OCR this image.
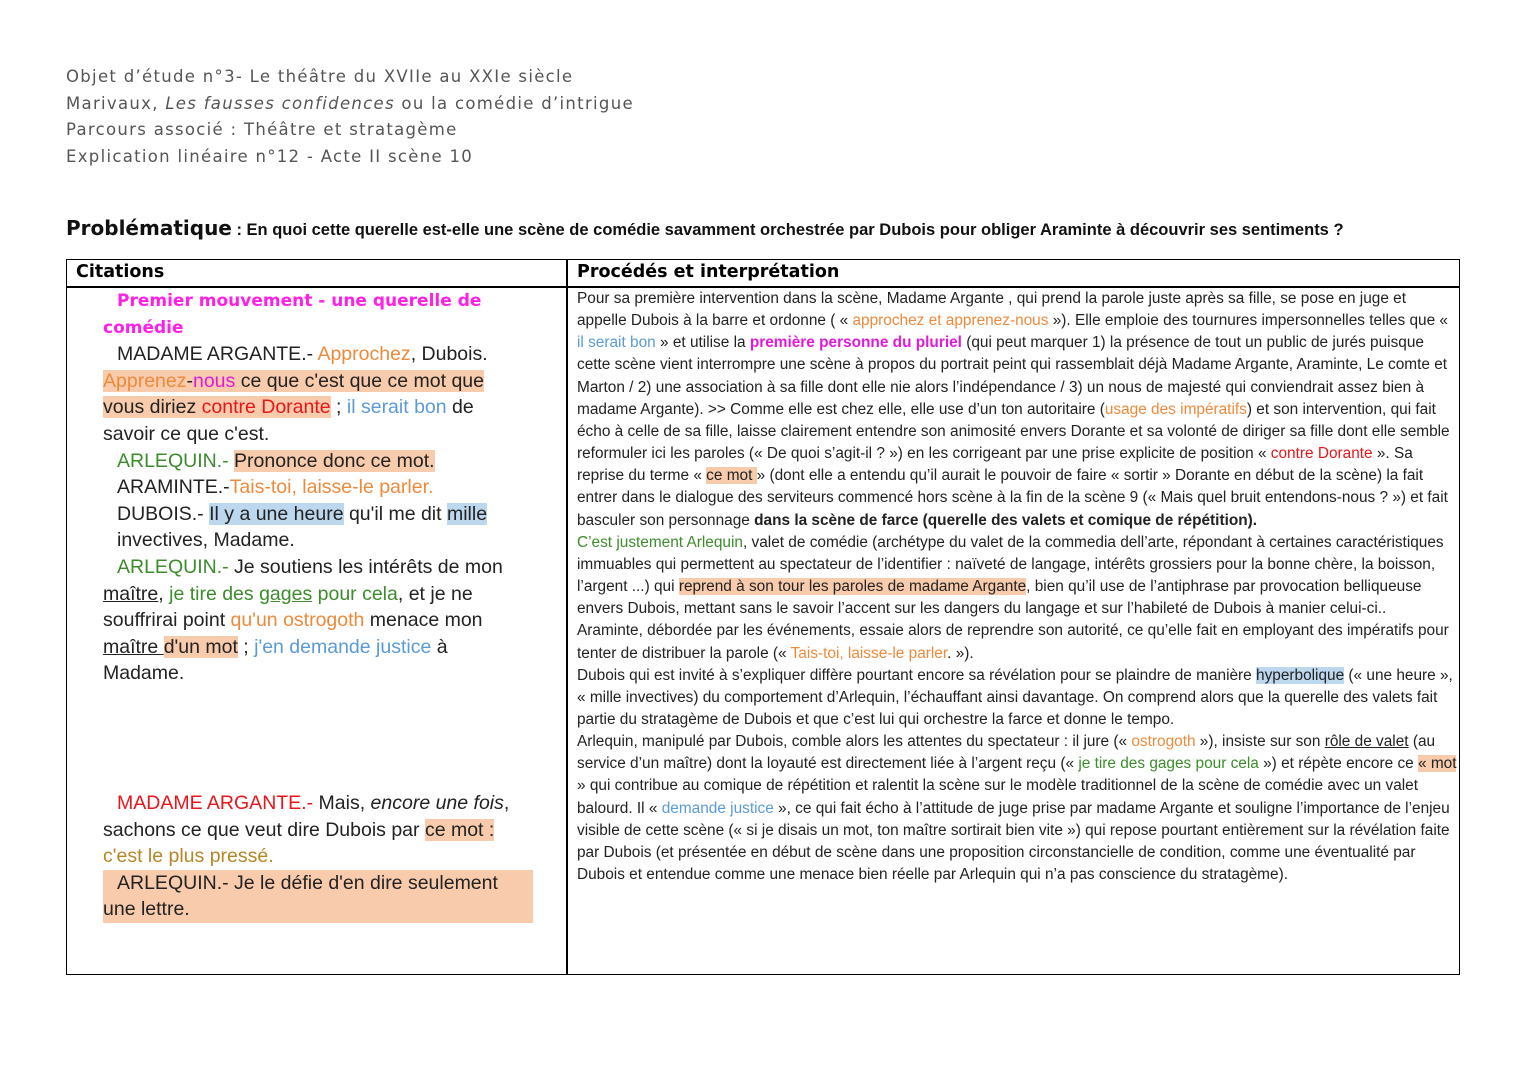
Objet d’étude n°3- Le théâtre du XVIIe au XXIe siècle
Marivaux, Les fausses confidences ou la comédie d’intrigue
Parcours associé : Théâtre et stratagème
Explication linéaire n°12 - Acte II scène 10
Problématique : En quoi cette querelle est-elle une scène de comédie savamment orchestrée par Dubois pour obliger Araminte à découvrir ses sentiments ?
Citations	Procédés et interprétation
Premier mouvement - une querelle de comédie
MADAME ARGANTE.- Approchez, Dubois.
Apprenez-nous ce que c'est que ce mot que vous diriez contre Dorante ; il serait bon de savoir ce que c'est.
ARLEQUIN.- Prononce donc ce mot.
ARAMINTE.-Tais-toi, laisse-le parler.
DUBOIS.- Il y a une heure qu'il me dit mille invectives, Madame.
ARLEQUIN.- Je soutiens les intérêts de mon maître, je tire des gages pour cela, et je ne souffrirai point qu'un ostrogoth menace mon maître d'un mot ; j'en demande justice à Madame.
MADAME ARGANTE.- Mais, encore une fois, sachons ce que veut dire Dubois par ce mot :
c'est le plus pressé.
ARLEQUIN.- Je le défie d'en dire seulement une lettre.
Pour sa première intervention dans la scène, Madame Argante , qui prend la parole juste après sa fille, se pose en juge et appelle Dubois à la barre et ordonne ( « approchez et apprenez-nous »). Elle emploie des tournures impersonnelles telles que « il serait bon » et utilise la première personne du pluriel (qui peut marquer 1) la présence de tout un public de jurés puisque cette scène vient interrompre une scène à propos du portrait peint qui rassemblait déjà Madame Argante, Araminte, Le comte et Marton / 2) une association à sa fille dont elle nie alors l’indépendance / 3) un nous de majesté qui conviendrait assez bien à madame Argante). >> Comme elle est chez elle, elle use d’un ton autoritaire (usage des impératifs) et son intervention, qui fait écho à celle de sa fille, laisse clairement entendre son animosité envers Dorante et sa volonté de diriger sa fille dont elle semble reformuler ici les paroles (« De quoi s’agit-il ? ») en les corrigeant par une prise explicite de position « contre Dorante ». Sa reprise du terme « ce mot » (dont elle a entendu qu’il aurait le pouvoir de faire « sortir » Dorante en début de la scène) la fait entrer dans le dialogue des serviteurs commencé hors scène à la fin de la scène 9 (« Mais quel bruit entendons-nous ? ») et fait basculer son personnage dans la scène de farce (querelle des valets et comique de répétition).
C’est justement Arlequin, valet de comédie (archétype du valet de la commedia dell’arte, répondant à certaines caractéristiques immuables qui permettent au spectateur de l’identifier : naïveté de langage, intérêts grossiers pour la bonne chère, la boisson, l’argent ...) qui reprend à son tour les paroles de madame Argante, bien qu’il use de l’antiphrase par provocation belliqueuse envers Dubois, mettant sans le savoir l’accent sur les dangers du langage et sur l’habileté de Dubois à manier celui-ci..
Araminte, débordée par les événements, essaie alors de reprendre son autorité, ce qu’elle fait en employant des impératifs pour tenter de distribuer la parole (« Tais-toi, laisse-le parler. »).
Dubois qui est invité à s’expliquer diffère pourtant encore sa révélation pour se plaindre de manière hyperbolique (« une heure », « mille invectives) du comportement d’Arlequin, l’échauffant ainsi davantage. On comprend alors que la querelle des valets fait partie du stratagème de Dubois et que c’est lui qui orchestre la farce et donne le tempo.
Arlequin, manipulé par Dubois, comble alors les attentes du spectateur : il jure (« ostrogoth »), insiste sur son rôle de valet (au service d’un maître) dont la loyauté est directement liée à l’argent reçu (« je tire des gages pour cela ») et répète encore ce « mot » qui contribue au comique de répétition et ralentit la scène sur le modèle traditionnel de la scène de comédie avec un valet balourd. Il « demande justice », ce qui fait écho à l’attitude de juge prise par madame Argante et souligne l’importance de l’enjeu visible de cette scène (« si je disais un mot, ton maître sortirait bien vite ») qui repose pourtant entièrement sur la révélation faite par Dubois (et présentée en début de scène dans une proposition circonstancielle de condition, comme une éventualité par Dubois et entendue comme une menace bien réelle par Arlequin qui n’a pas conscience du stratagème).
